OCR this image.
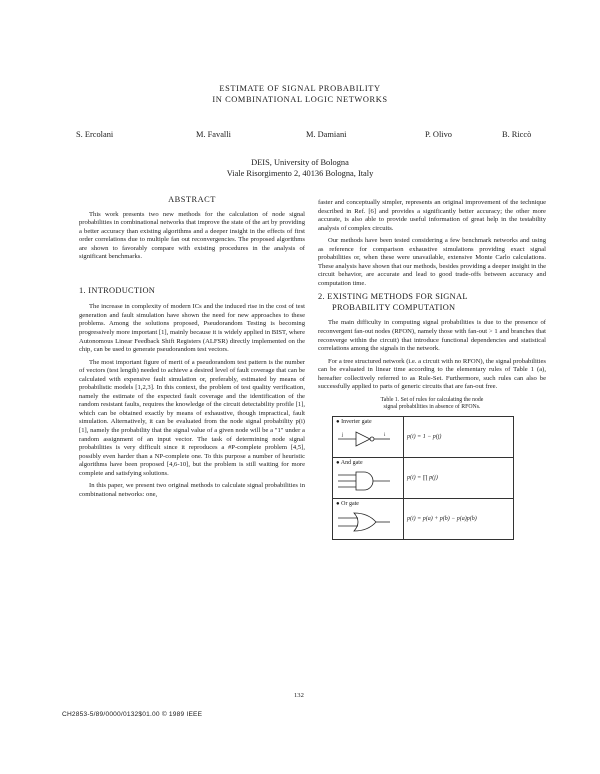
ESTIMATE OF SIGNAL PROBABILITY
IN COMBINATIONAL LOGIC NETWORKS
S. Ercolani	M. Favalli	M. Damiani	P. Olivo	B. Riccò
DEIS, University of Bologna
Viale Risorgimento 2, 40136 Bologna, Italy
ABSTRACT

This work presents two new methods for the calculation of node signal probabilities in combinational networks that improve the state of the art by providing a better accuracy than existing algorithms and a deeper insight in the effects of first order correlations due to multiple fan out reconvergencies. The proposed algorithms are shown to favorably compare with existing procedures in the analysis of significant benchmarks.

1. INTRODUCTION

The increase in complexity of modern ICs and the induced rise in the cost of test generation and fault simulation have shown the need for new approaches to these problems. Among the solutions proposed, Pseudorandom Testing is becoming progressively more important [1], mainly because it is widely applied in BIST, where Autonomous Linear Feedback Shift Registers (ALFSR) directly implemented on the chip, can be used to generate pseudorandom test vectors.

The most important figure of merit of a pseudorandom test pattern is the number of vectors (test length) needed to achieve a desired level of fault coverage that can be calculated with expensive fault simulation or, preferably, estimated by means of probabilistic models [1,2,3]. In this context, the problem of test quality verification, namely the estimate of the expected fault coverage and the identification of the random resistant faults, requires the knowledge of the circuit detectability profile [1], which can be obtained exactly by means of exhaustive, though impractical, fault simulation. Alternatively, it can be evaluated from the node signal probability p(i) [1], namely the probability that the signal value of a given node will be a "1" under a random assignment of an input vector. The task of determining node signal probabilities is very difficult since it reproduces a #P-complete problem [4,5], possibly even harder than a NP-complete one. To this purpose a number of heuristic algorithms have been proposed [4,6-10], but the problem is still waiting for more complete and satisfying solutions.

In this paper, we present two original methods to calculate signal probabilities in combinational networks: one,

faster and conceptually simpler, represents an original improvement of the technique described in Ref. [6] and provides a significantly better accuracy; the other more accurate, is also able to provide useful information of great help in the testability analysis of complex circuits.

Our methods have been tested considering a few benchmark networks and using as reference for comparison exhaustive simulations providing exact signal probabilities or, when these were unavailable, extensive Monte Carlo calculations. These analysis have shown that our methods, besides providing a deeper insight in the circuit behavior, are accurate and lead to good trade-offs between accuracy and computation time.

2. EXISTING METHODS FOR SIGNAL
PROBABILITY COMPUTATION

The main difficulty in computing signal probabilities is due to the presence of reconvergent fan-out nodes (RFON), namely those with fan-out > 1 and branches that reconverge within the circuit) that introduce functional dependencies and statistical correlations among the signals in the network.

For a tree structured network (i.e. a circuit with no RFON), the signal probabilities can be evaluated in linear time according to the elementary rules of Table 1 (a), hereafter collectively referred to as Rule-Set. Furthermore, such rules can also be successfully applied to parts of generic circuits that are fan-out free.

Table 1. Set of rules for calculating the node
signal probabilities in absence of RFONs.
● Inverter gate
j i	p(i) = 1 − p(j)

● And gate	p(i) = ∏ p(j)

● Or gate	p(i) = p(a) + p(b) − p(a)p(b)
132
CH2853-5/89/0000/0132$01.00 © 1989 IEEE
